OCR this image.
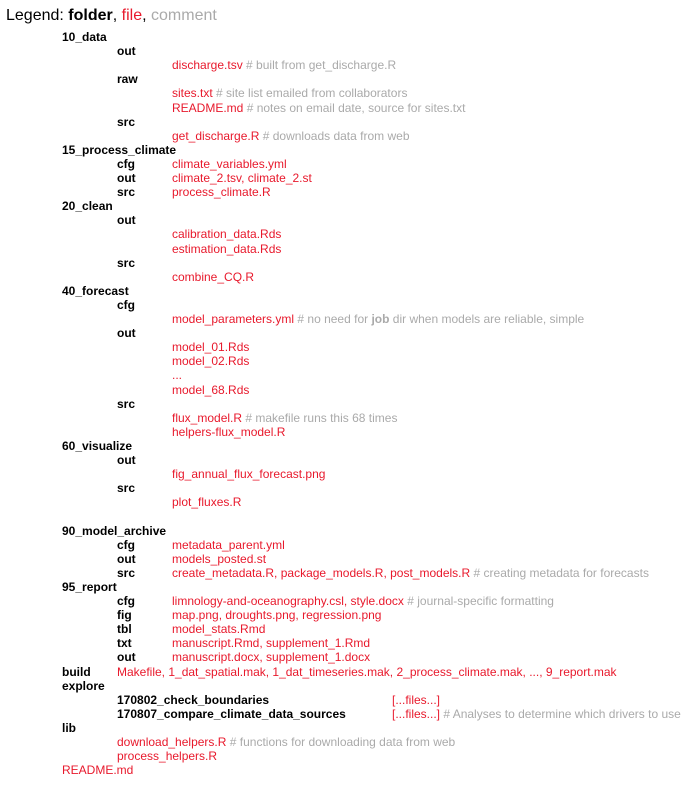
Legend: folder, file, comment
10_data
out
discharge.tsv # built from get_discharge.R
raw
sites.txt # site list emailed from collaborators
README.md # notes on email date, source for sites.txt
src
get_discharge.R # downloads data from web
15_process_climate
cfg	climate_variables.yml
out	climate_2.tsv, climate_2.st
src	process_climate.R
20_clean
out
calibration_data.Rds
estimation_data.Rds
src
combine_CQ.R
40_forecast
cfg
model_parameters.yml # no need for job dir when models are reliable, simple
out
model_01.Rds
model_02.Rds
...
model_68.Rds
src
flux_model.R # makefile runs this 68 times
helpers-flux_model.R
60_visualize
out
fig_annual_flux_forecast.png
src
plot_fluxes.R
90_model_archive
cfg	metadata_parent.yml
out	models_posted.st
src	create_metadata.R, package_models.R, post_models.R # creating metadata for forecasts
95_report
cfg	limnology-and-oceanography.csl, style.docx # journal-specific formatting
fig	map.png, droughts.png, regression.png
tbl	model_stats.Rmd
txt	manuscript.Rmd, supplement_1.Rmd
out	manuscript.docx, supplement_1.docx
build Makefile, 1_dat_spatial.mak, 1_dat_timeseries.mak, 2_process_climate.mak, ..., 9_report.mak
explore
170802_check_boundaries	[...files...]
170807_compare_climate_data_sources	[...files...] # Analyses to determine which drivers to use
lib
download_helpers.R # functions for downloading data from web
process_helpers.R
README.md
